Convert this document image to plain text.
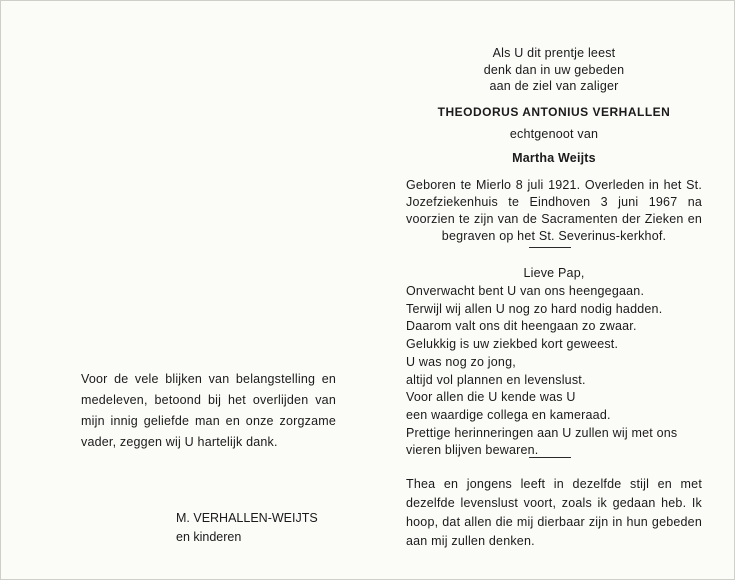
Voor de vele blijken van belangstelling en medeleven, betoond bij het overlijden van mijn innig geliefde man en onze zorgzame vader, zeggen wij U hartelijk dank.

M. VERHALLEN-WEIJTS
en kinderen
Als U dit prentje leest
denk dan in uw gebeden
aan de ziel van zaliger
THEODORUS ANTONIUS VERHALLEN
echtgenoot van
Martha Weijts
Geboren te Mierlo 8 juli 1921. Overleden in het St. Jozefziekenhuis te Eindhoven 3 juni 1967 na voorzien te zijn van de Sacramenten der Zieken en begraven op het St. Severinus-kerkhof.
Lieve Pap,
Onverwacht bent U van ons heengegaan.
Terwijl wij allen U nog zo hard nodig hadden.
Daarom valt ons dit heengaan zo zwaar.
Gelukkig is uw ziekbed kort geweest.
U was nog zo jong,
altijd vol plannen en levenslust.
Voor allen die U kende was U
een waardige collega en kameraad.
Prettige herinneringen aan U zullen wij met ons
vieren blijven bewaren.
Thea en jongens leeft in dezelfde stijl en met dezelfde levenslust voort, zoals ik gedaan heb. Ik hoop, dat allen die mij dierbaar zijn in hun gebeden aan mij zullen denken.
